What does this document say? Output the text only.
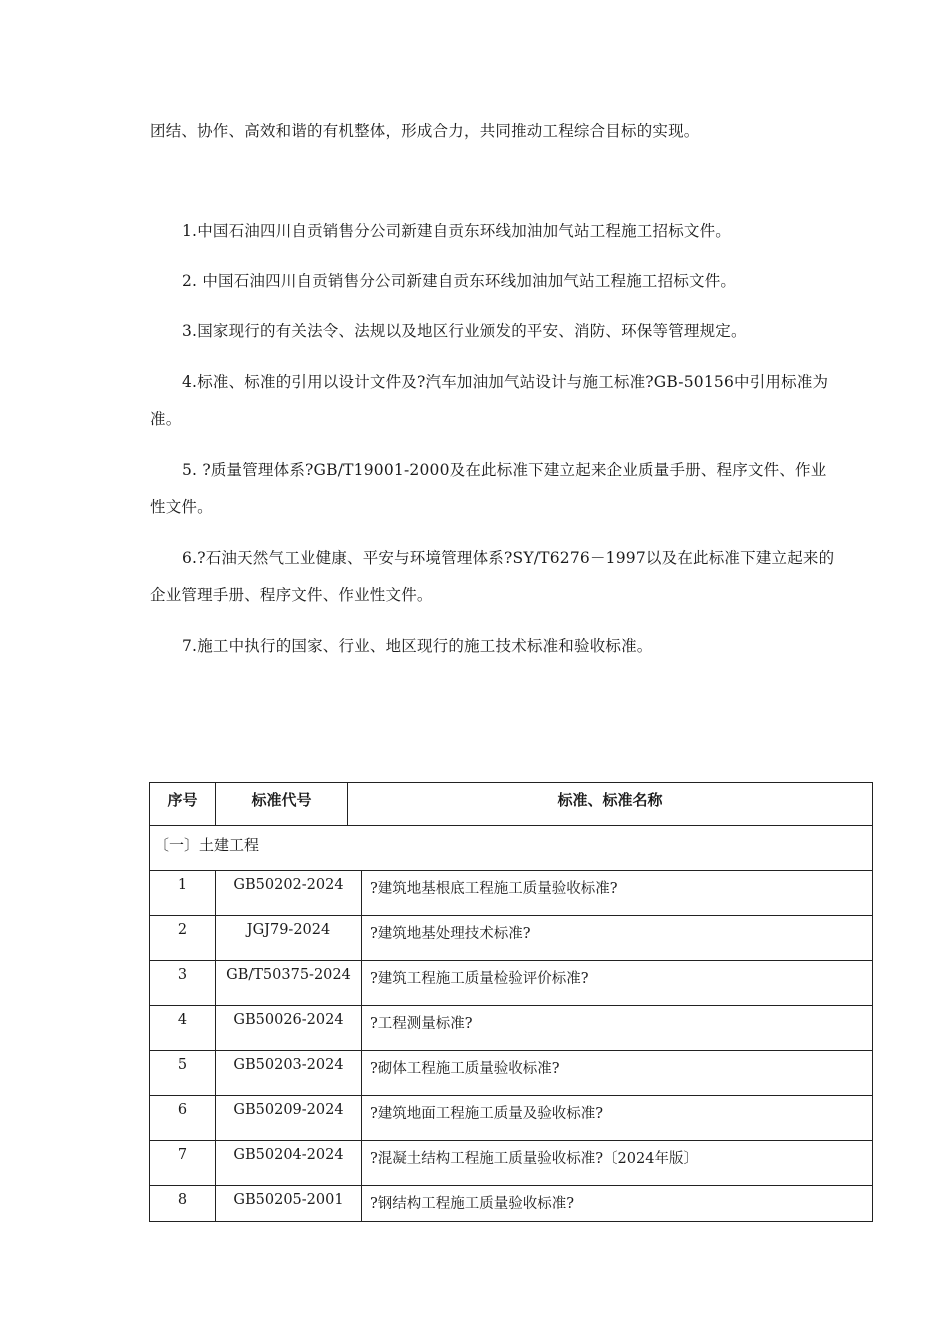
团结、协作、高效和谐的有机整体，形成合力，共同推动工程综合目标的实现。

1.中国石油四川自贡销售分公司新建自贡东环线加油加气站工程施工招标文件。

2. 中国石油四川自贡销售分公司新建自贡东环线加油加气站工程施工招标文件。

3.国家现行的有关法令、法规以及地区行业颁发的平安、消防、环保等管理规定。

4.标准、标准的引用以设计文件及?汽车加油加气站设计与施工标准?GB-50156中引用标准为准。

5. ?质量管理体系?GB/T19001-2000及在此标准下建立起来企业质量手册、程序文件、作业性文件。

6.?石油天然气工业健康、平安与环境管理体系?SY/T6276－1997以及在此标准下建立起来的企业管理手册、程序文件、作业性文件。

7.施工中执行的国家、行业、地区现行的施工技术标准和验收标准。

序号	标准代号	标准、标准名称
〔一〕土建工程
1	GB50202-2024	?建筑地基根底工程施工质量验收标准?
2	JGJ79-2024	?建筑地基处理技术标准?
3	GB/T50375-2024	?建筑工程施工质量检验评价标准?
4	GB50026-2024	?工程测量标准?
5	GB50203-2024	?砌体工程施工质量验收标准?
6	GB50209-2024	?建筑地面工程施工质量及验收标准?
7	GB50204-2024	?混凝土结构工程施工质量验收标准?〔2024年版〕
8	GB50205-2001	?钢结构工程施工质量验收标准?
